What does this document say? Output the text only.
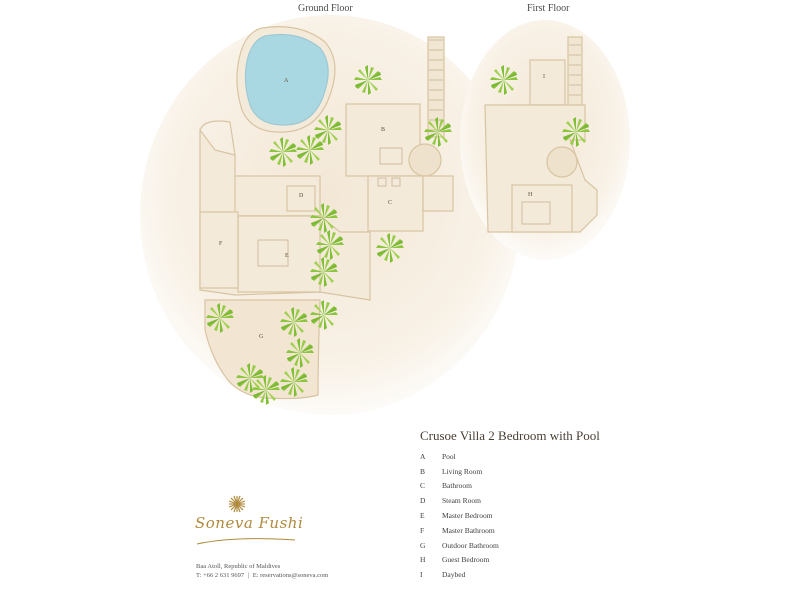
Ground Floor	First Floor
A
B
C
D
E
F
G
H
I
Crusoe Villa 2 Bedroom with Pool
A	Pool
B	Living Room
C	Bathroom
D	Steam Room
E	Master Bedroom
F	Master Bathroom
G	Outdoor Bathroom
H	Guest Bedroom
I	Daybed
Soneva Fushi
Baa Atoll, Republic of Maldives
T: +66 2 631 9697 | E: reservations@soneva.com
